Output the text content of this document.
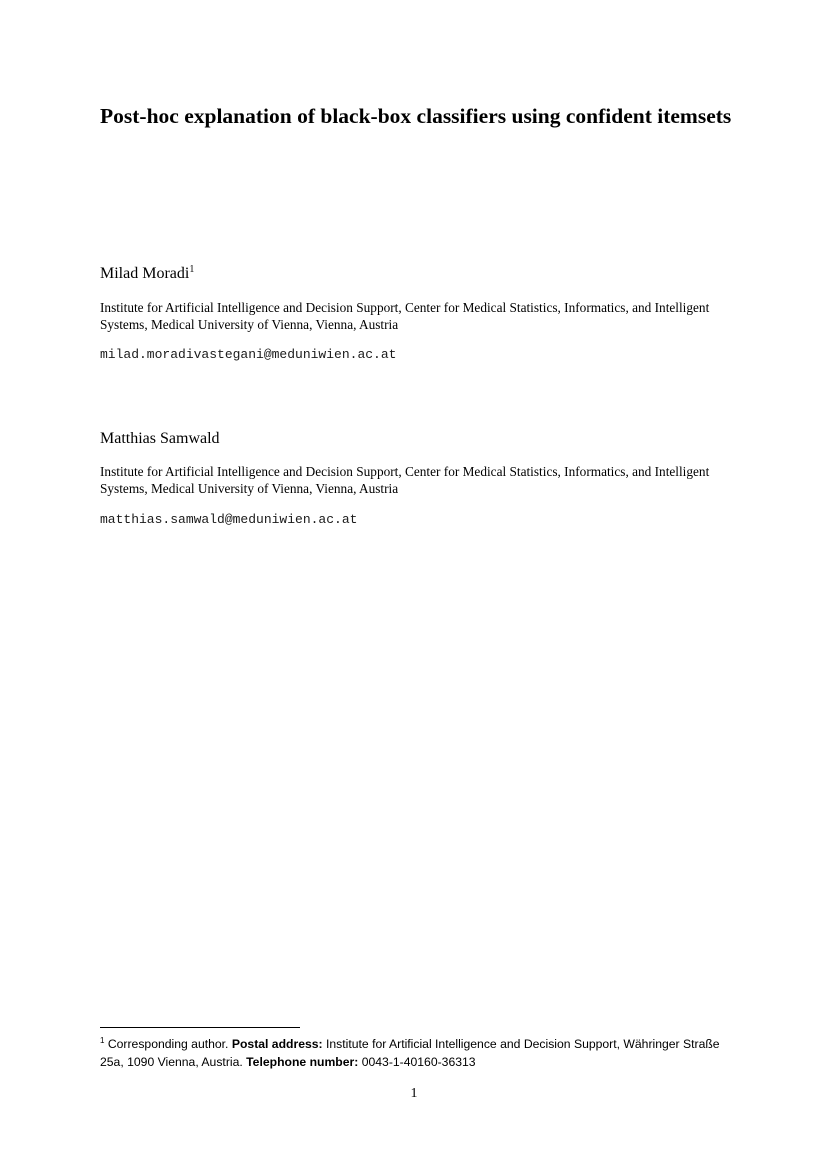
Post-hoc explanation of black-box classifiers using confident itemsets
Milad Moradi$^1$
Institute for Artificial Intelligence and Decision Support, Center for Medical Statistics, Informatics, and Intelligent Systems, Medical University of Vienna, Vienna, Austria
milad.moradivastegani@meduniwien.ac.at
Matthias Samwald
Institute for Artificial Intelligence and Decision Support, Center for Medical Statistics, Informatics, and Intelligent Systems, Medical University of Vienna, Vienna, Austria
matthias.samwald@meduniwien.ac.at
$^1$ Corresponding author. Postal address: Institute for Artificial Intelligence and Decision Support, Währinger Straße 25a, 1090 Vienna, Austria. Telephone number: 0043-1-40160-36313
1
